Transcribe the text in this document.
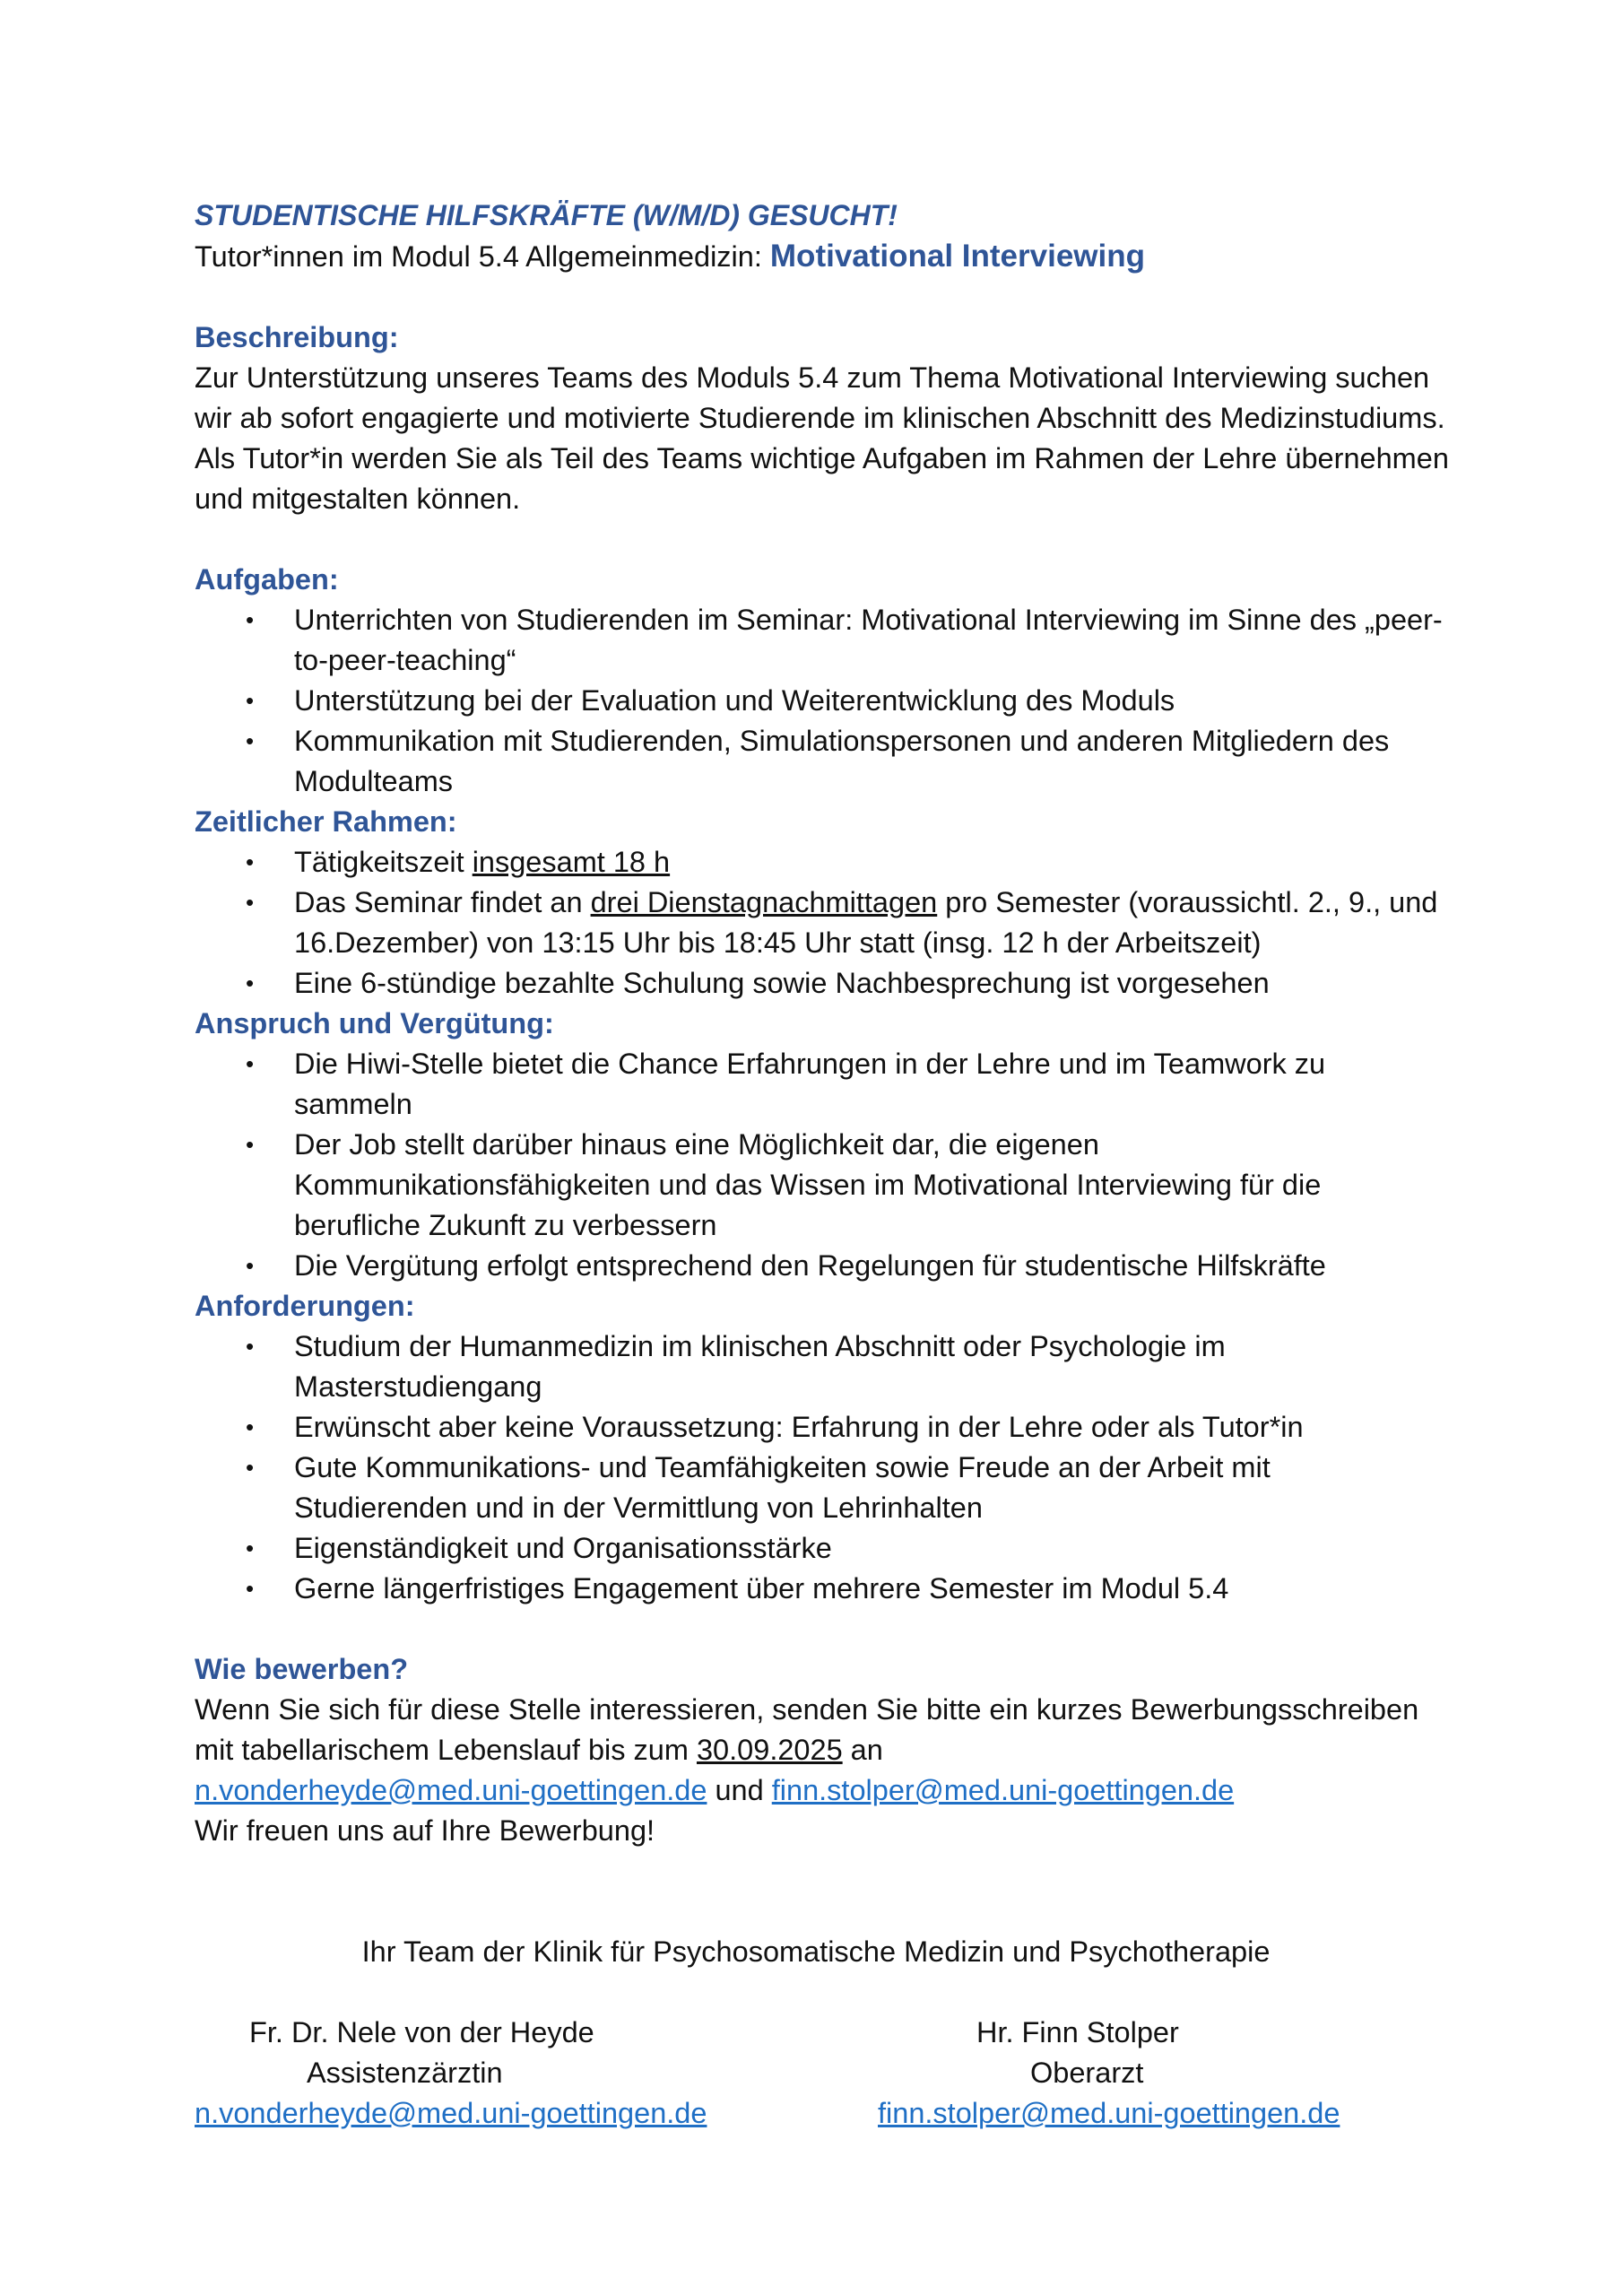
STUDENTISCHE HILFSKRÄFTE (W/M/D) GESUCHT!

Tutor*innen im Modul 5.4 Allgemeinmedizin: Motivational Interviewing

Beschreibung:

Zur Unterstützung unseres Teams des Moduls 5.4 zum Thema Motivational Interviewing suchen wir ab sofort engagierte und motivierte Studierende im klinischen Abschnitt des Medizinstudiums. Als Tutor*in werden Sie als Teil des Teams wichtige Aufgaben im Rahmen der Lehre übernehmen und mitgestalten können.

Aufgaben:

• Unterrichten von Studierenden im Seminar: Motivational Interviewing im Sinne des „peer-to-peer-teaching“
• Unterstützung bei der Evaluation und Weiterentwicklung des Moduls
• Kommunikation mit Studierenden, Simulationspersonen und anderen Mitgliedern des Modulteams

Zeitlicher Rahmen:

• Tätigkeitszeit insgesamt 18 h
• Das Seminar findet an drei Dienstagnachmittagen pro Semester (voraussichtl. 2., 9., und 16.Dezember) von 13:15 Uhr bis 18:45 Uhr statt (insg. 12 h der Arbeitszeit)
• Eine 6-stündige bezahlte Schulung sowie Nachbesprechung ist vorgesehen

Anspruch und Vergütung:

• Die Hiwi-Stelle bietet die Chance Erfahrungen in der Lehre und im Teamwork zu sammeln
• Der Job stellt darüber hinaus eine Möglichkeit dar, die eigenen Kommunikationsfähigkeiten und das Wissen im Motivational Interviewing für die berufliche Zukunft zu verbessern
• Die Vergütung erfolgt entsprechend den Regelungen für studentische Hilfskräfte

Anforderungen:

• Studium der Humanmedizin im klinischen Abschnitt oder Psychologie im Masterstudiengang
• Erwünscht aber keine Voraussetzung: Erfahrung in der Lehre oder als Tutor*in
• Gute Kommunikations- und Teamfähigkeiten sowie Freude an der Arbeit mit Studierenden und in der Vermittlung von Lehrinhalten
• Eigenständigkeit und Organisationsstärke
• Gerne längerfristiges Engagement über mehrere Semester im Modul 5.4

Wie bewerben?

Wenn Sie sich für diese Stelle interessieren, senden Sie bitte ein kurzes Bewerbungsschreiben mit tabellarischem Lebenslauf bis zum 30.09.2025 an

n.vonderheyde@med.uni-goettingen.de und finn.stolper@med.uni-goettingen.de

Wir freuen uns auf Ihre Bewerbung!

Ihr Team der Klinik für Psychosomatische Medizin und Psychotherapie

Fr. Dr. Nele von der Heyde
Assistenzärztin
n.vonderheyde@med.uni-goettingen.de
Hr. Finn Stolper
Oberarzt
finn.stolper@med.uni-goettingen.de
